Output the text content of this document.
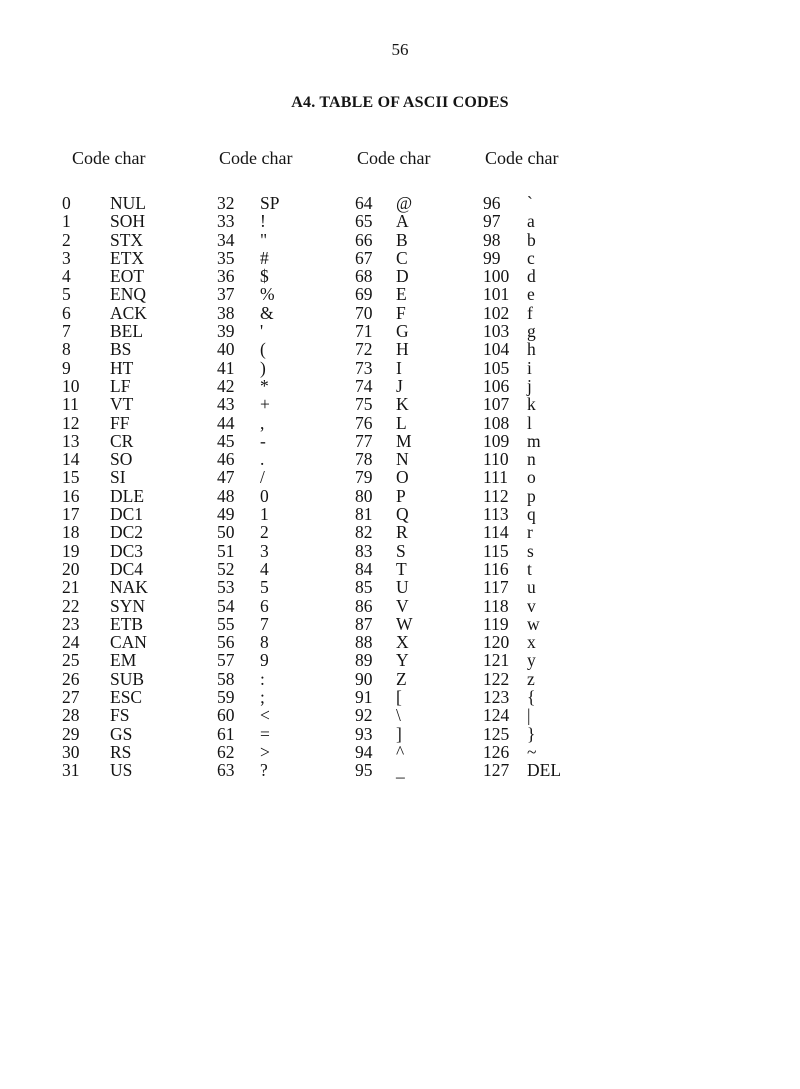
56
A4. TABLE OF ASCII CODES
Code char
0 NUL
1 SOH
2 STX
3 ETX
4 EOT
5 ENQ
6 ACK
7 BEL
8 BS
9 HT
10 LF
11 VT
12 FF
13 CR
14 SO
15 SI
16 DLE
17 DC1
18 DC2
19 DC3
20 DC4
21 NAK
22 SYN
23 ETB
24 CAN
25 EM
26 SUB
27 ESC
28 FS
29 GS
30 RS
31 US
Code char
32 SP
33 !
34 "
35 #
36 $
37 %
38 &
39 '
40 (
41 )
42 *
43 +
44 ,
45 -
46 .
47 /
48 0
49 1
50 2
51 3
52 4
53 5
54 6
55 7
56 8
57 9
58 :
59 ;
60 <
61 =
62 >
63 ?
Code char
64 @
65 A
66 B
67 C
68 D
69 E
70 F
71 G
72 H
73 I
74 J
75 K
76 L
77 M
78 N
79 O
80 P
81 Q
82 R
83 S
84 T
85 U
86 V
87 W
88 X
89 Y
90 Z
91 [
92 \
93 ]
94 ^
95 _
Code char
96 `
97 a
98 b
99 c
100 d
101 e
102 f
103 g
104 h
105 i
106 j
107 k
108 l
109 m
110 n
111 o
112 p
113 q
114 r
115 s
116 t
117 u
118 v
119 w
120 x
121 y
122 z
123 {
124 |
125 }
126 ~
127 DEL
